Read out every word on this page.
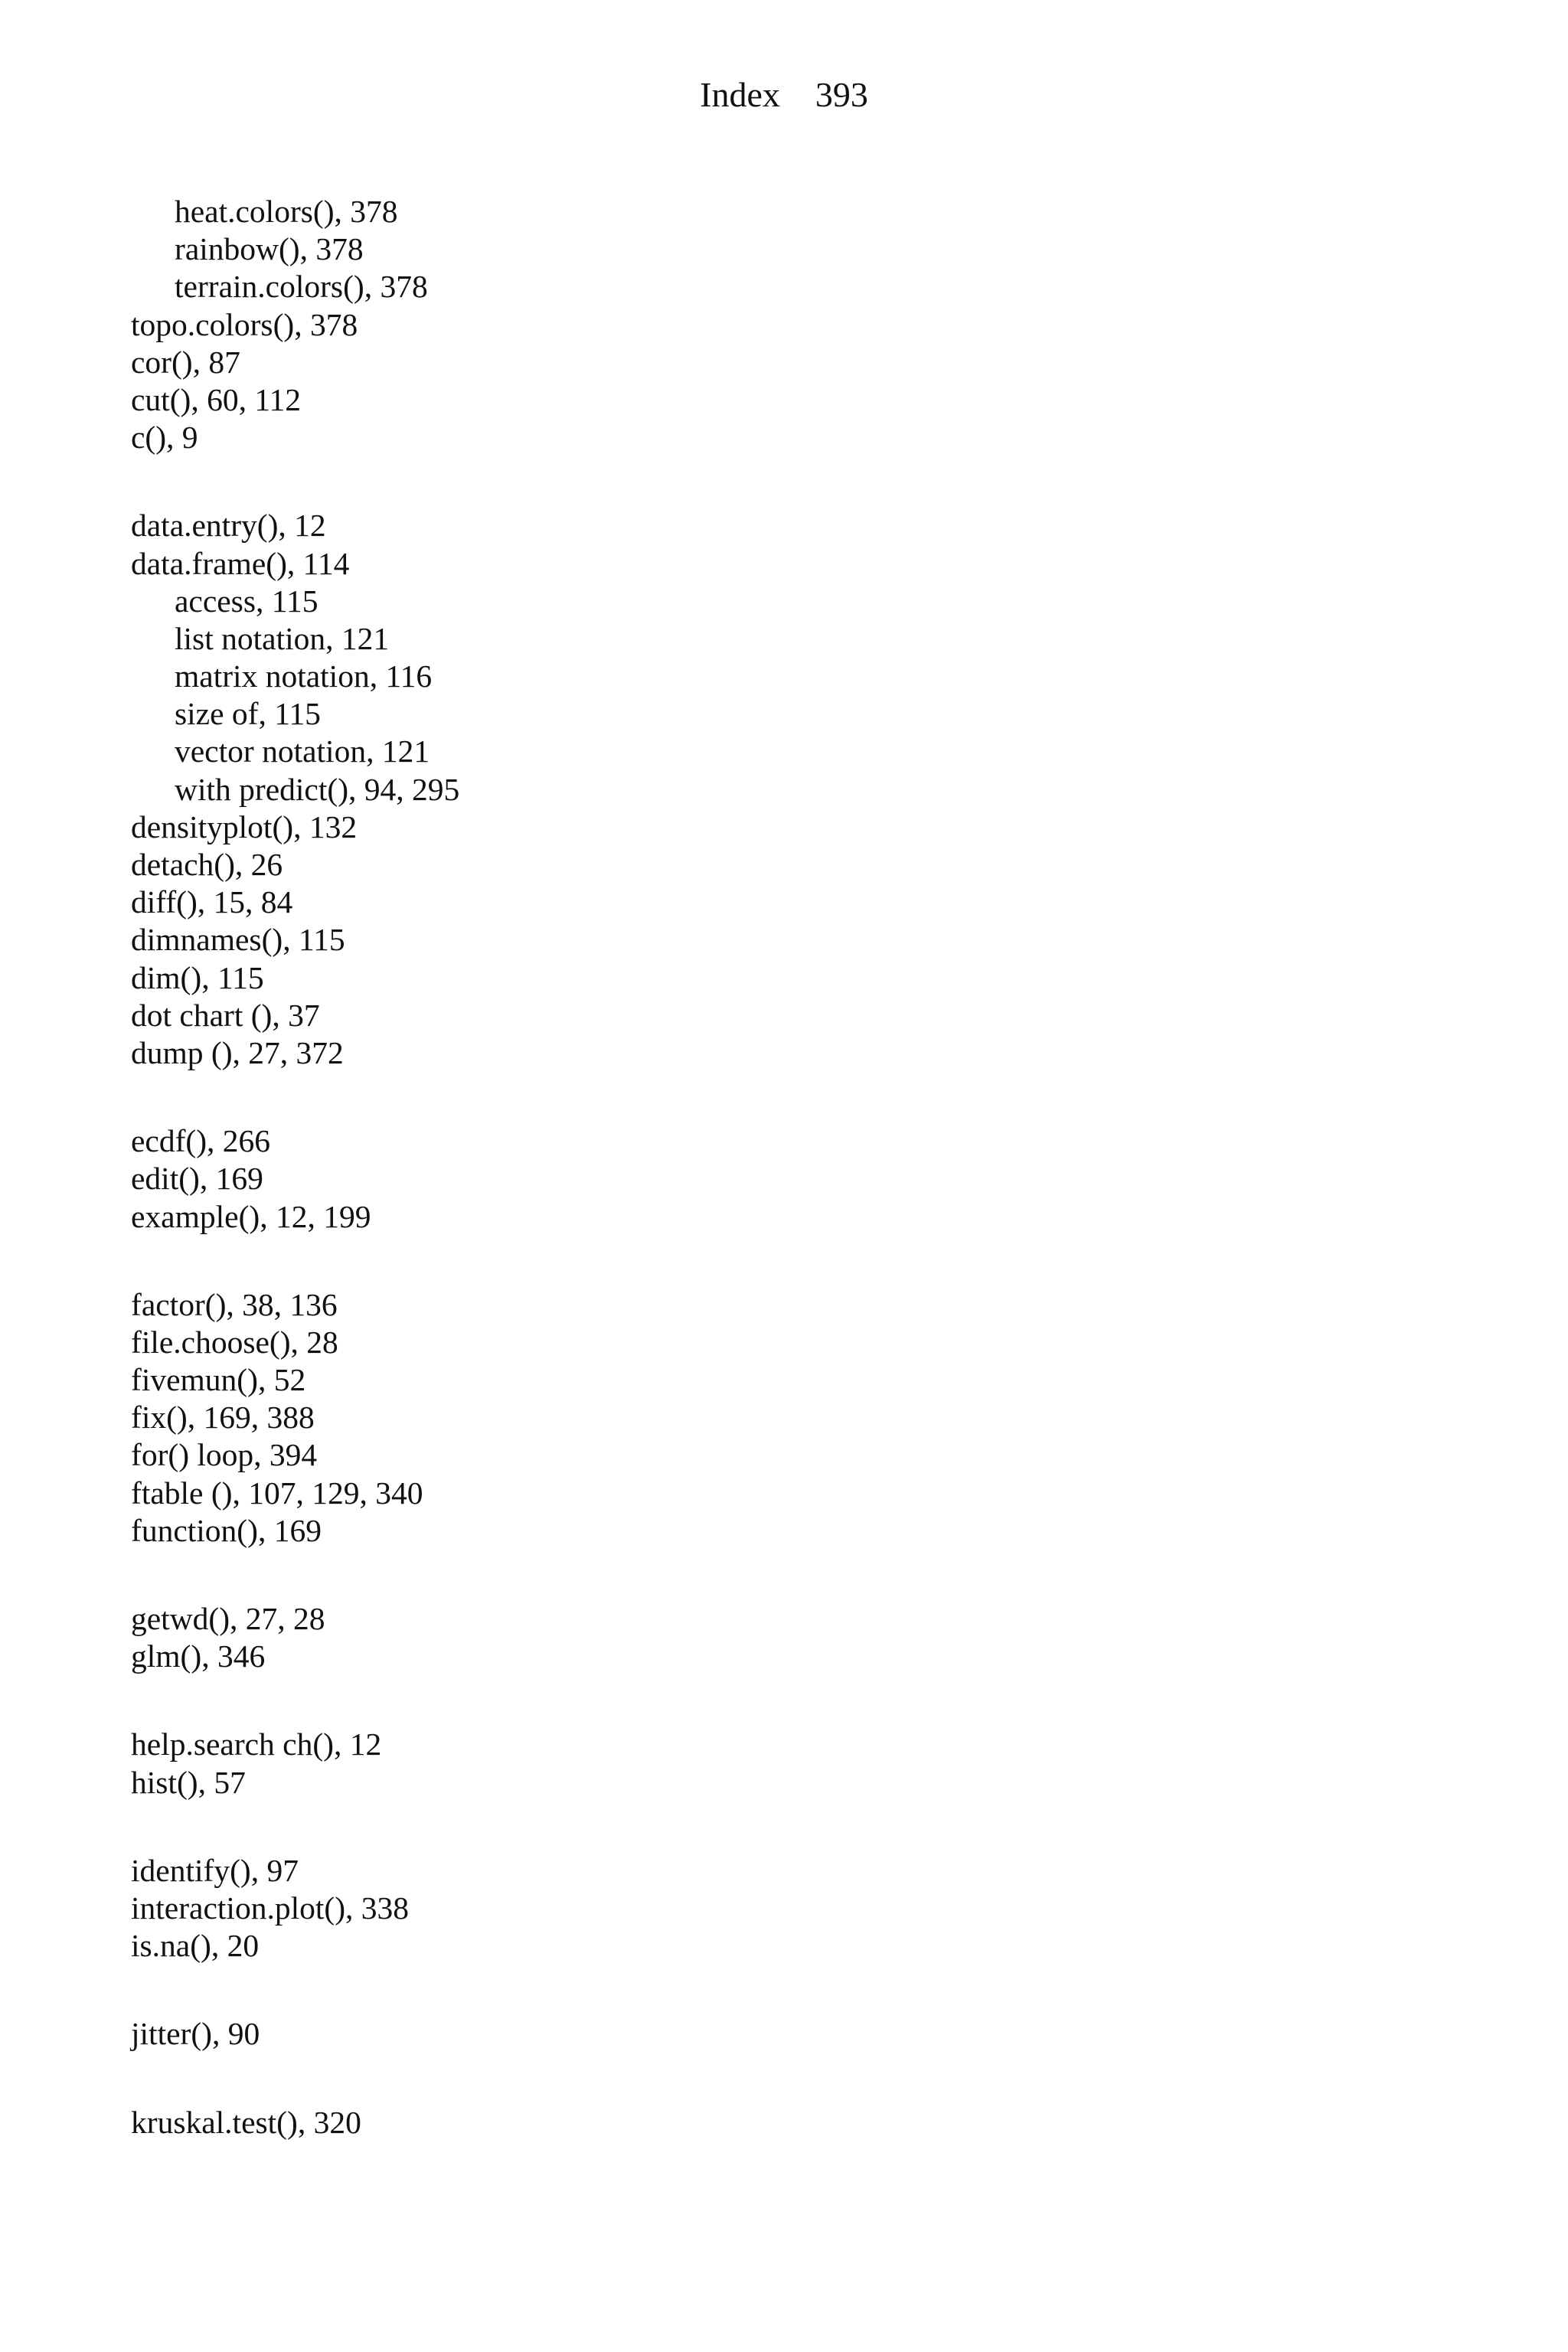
Index 393
heat.colors(), 378
rainbow(), 378
terrain.colors(), 378
topo.colors(), 378
cor(), 87
cut(), 60, 112
c(), 9
data.entry(), 12
data.frame(), 114
access, 115
list notation, 121
matrix notation, 116
size of, 115
vector notation, 121
with predict(), 94, 295
densityplot(), 132
detach(), 26
diff(), 15, 84
dimnames(), 115
dim(), 115
dot chart (), 37
dump (), 27, 372
ecdf(), 266
edit(), 169
example(), 12, 199
factor(), 38, 136
file.choose(), 28
fivemun(), 52
fix(), 169, 388
for() loop, 394
ftable (), 107, 129, 340
function(), 169
getwd(), 27, 28
glm(), 346
help.search ch(), 12
hist(), 57
identify(), 97
interaction.plot(), 338
is.na(), 20
jitter(), 90
kruskal.test(), 320
